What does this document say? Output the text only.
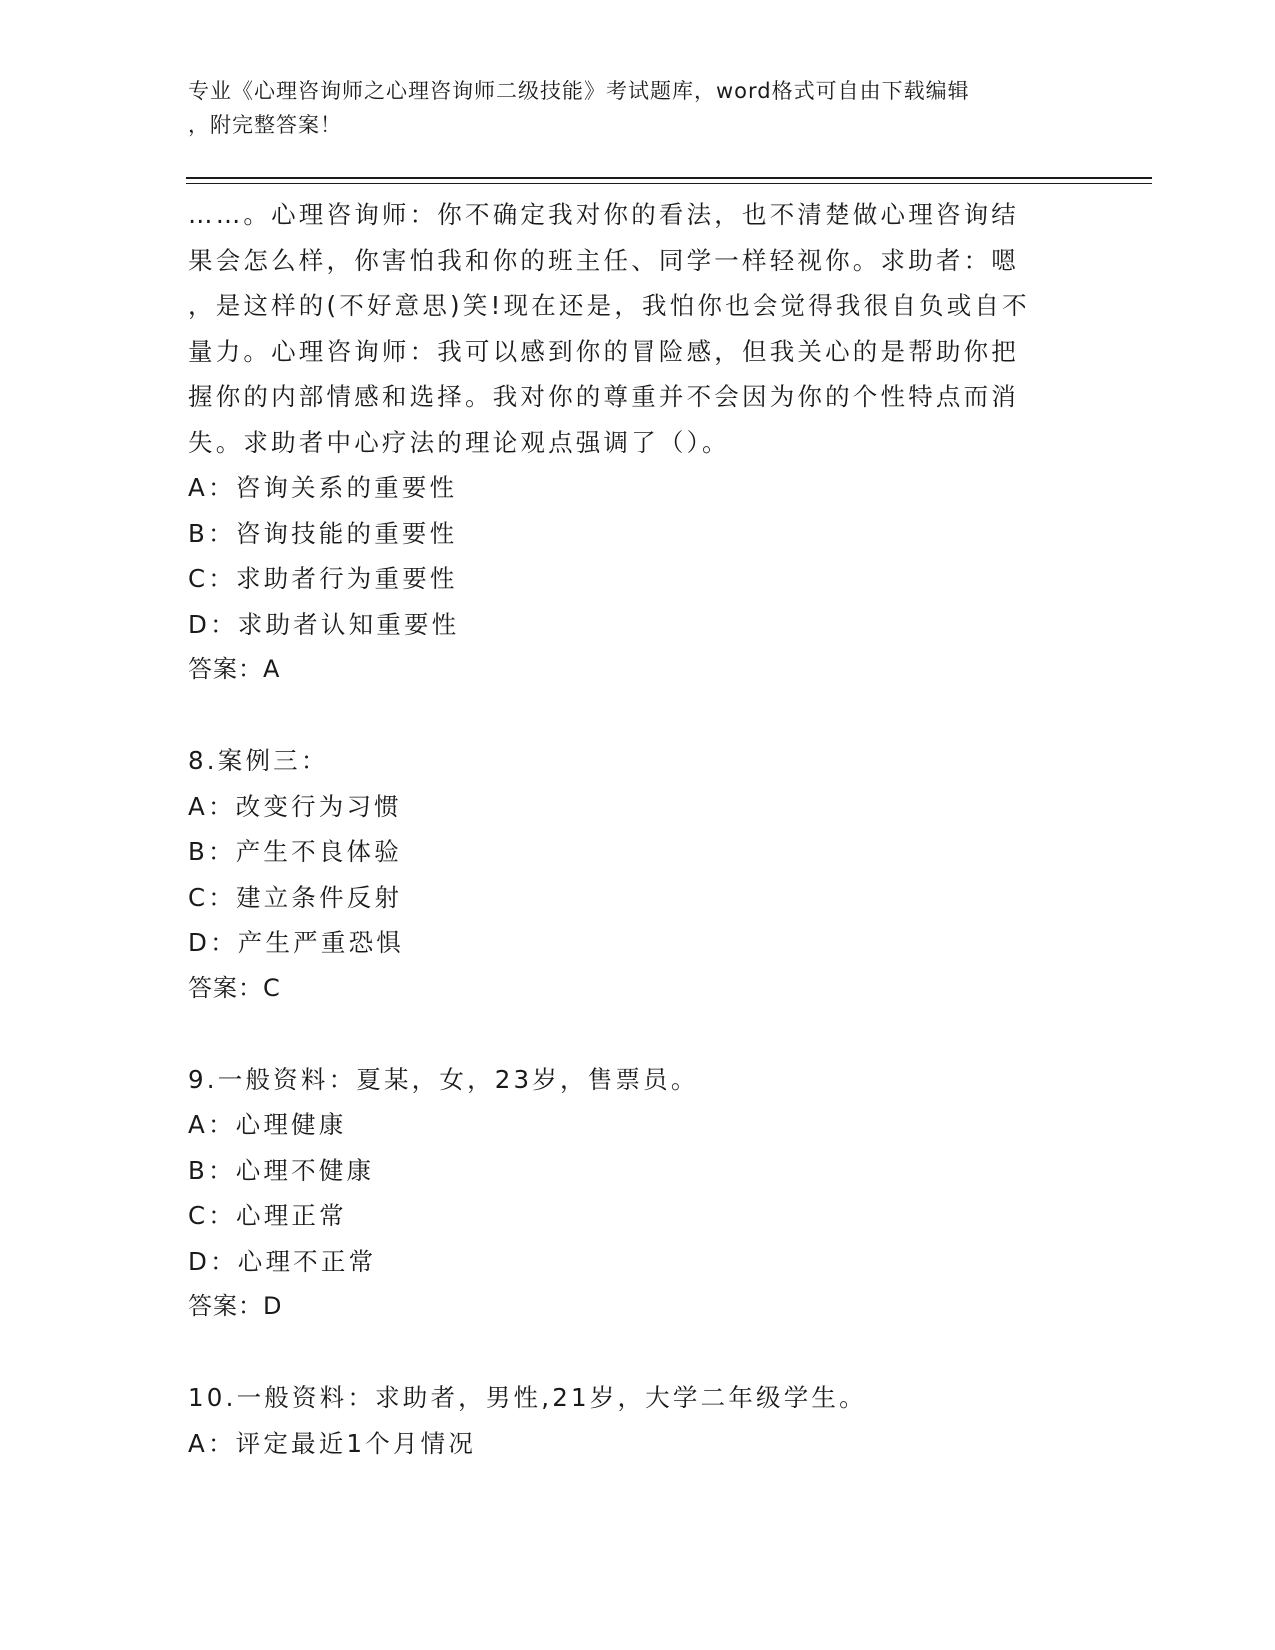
专业《心理咨询师之心理咨询师二级技能》考试题库，word格式可自由下载编辑
，附完整答案！
……。心理咨询师：你不确定我对你的看法，也不清楚做心理咨询结
果会怎么样，你害怕我和你的班主任、同学一样轻视你。求助者：嗯
，是这样的(不好意思)笑!现在还是，我怕你也会觉得我很自负或自不
量力。心理咨询师：我可以感到你的冒险感，但我关心的是帮助你把
握你的内部情感和选择。我对你的尊重并不会因为你的个性特点而消
失。求助者中心疗法的理论观点强调了（）。
A：咨询关系的重要性
B：咨询技能的重要性
C：求助者行为重要性
D：求助者认知重要性
答案：A
8.案例三：
A：改变行为习惯
B：产生不良体验
C：建立条件反射
D：产生严重恐惧
答案：C
9.一般资料：夏某，女，23岁，售票员。
A：心理健康
B：心理不健康
C：心理正常
D：心理不正常
答案：D
10.一般资料：求助者，男性,21岁，大学二年级学生。
A：评定最近1个月情况
